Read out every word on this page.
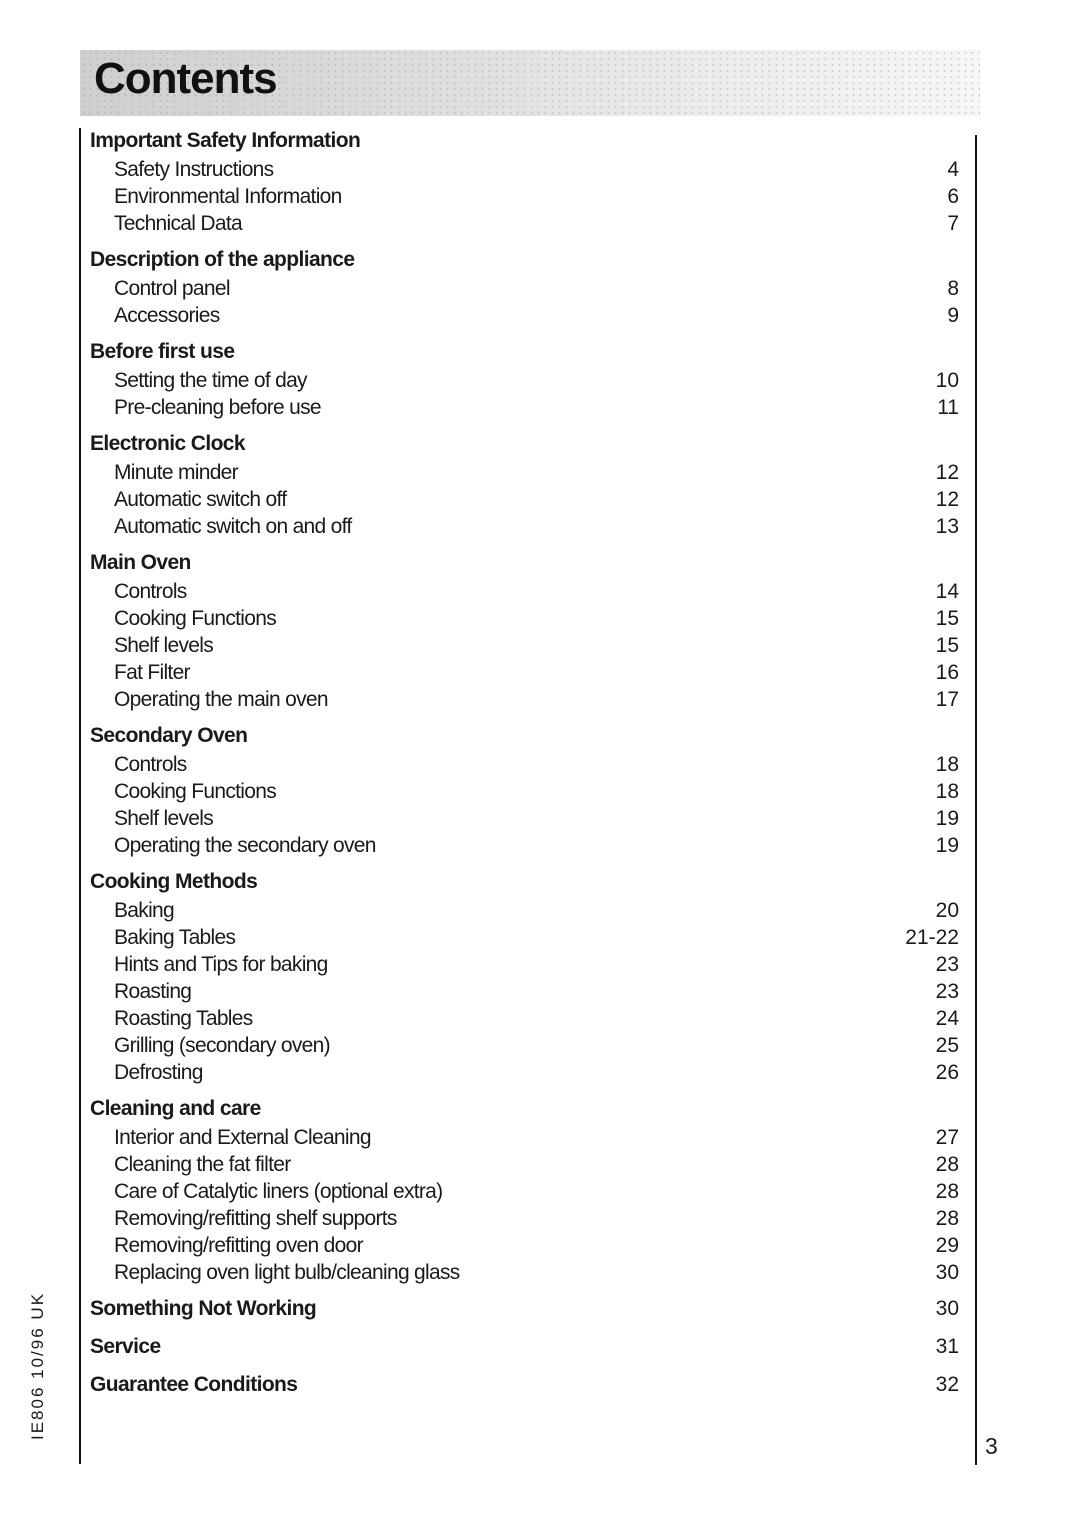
Contents
Important Safety Information
Safety Instructions	4
Environmental Information	6
Technical Data	7
Description of the appliance
Control panel	8
Accessories	9
Before first use
Setting the time of day	10
Pre-cleaning before use	11
Electronic Clock
Minute minder	12
Automatic switch off	12
Automatic switch on and off	13
Main Oven
Controls	14
Cooking Functions	15
Shelf levels	15
Fat Filter	16
Operating the main oven	17
Secondary Oven
Controls	18
Cooking Functions	18
Shelf levels	19
Operating the secondary oven	19
Cooking Methods
Baking	20
Baking Tables	21-22
Hints and Tips for baking	23
Roasting	23
Roasting Tables	24
Grilling (secondary oven)	25
Defrosting	26
Cleaning and care
Interior and External Cleaning	27
Cleaning the fat filter	28
Care of Catalytic liners (optional extra)	28
Removing/refitting shelf supports	28
Removing/refitting oven door	29
Replacing oven light bulb/cleaning glass	30
Something Not Working	30
Service	31
Guarantee Conditions	32
IE806 10/96 UK
3
